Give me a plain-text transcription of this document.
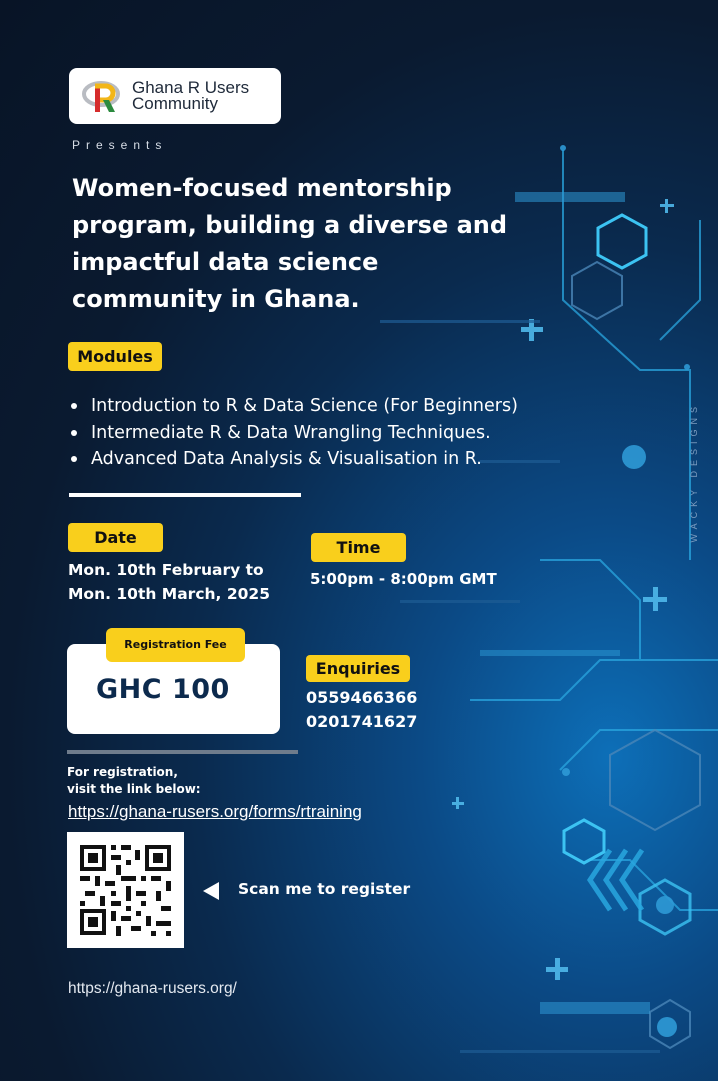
WACKY DESIGNS
Ghana R Users
Community
Presents
Women-focused mentorship program, building a diverse and impactful data science community in Ghana.
Modules
Introduction to R & Data Science (For Beginners)
Intermediate R & Data Wrangling Techniques.
Advanced Data Analysis & Visualisation in R.
Date
Mon. 10th February to
Mon. 10th March, 2025
Time
5:00pm - 8:00pm GMT
Registration Fee
GHC 100
Enquiries
0559466366
0201741627
For registration,
visit the link below:
https://ghana-rusers.org/forms/rtraining
Scan me to register
https://ghana-rusers.org/
